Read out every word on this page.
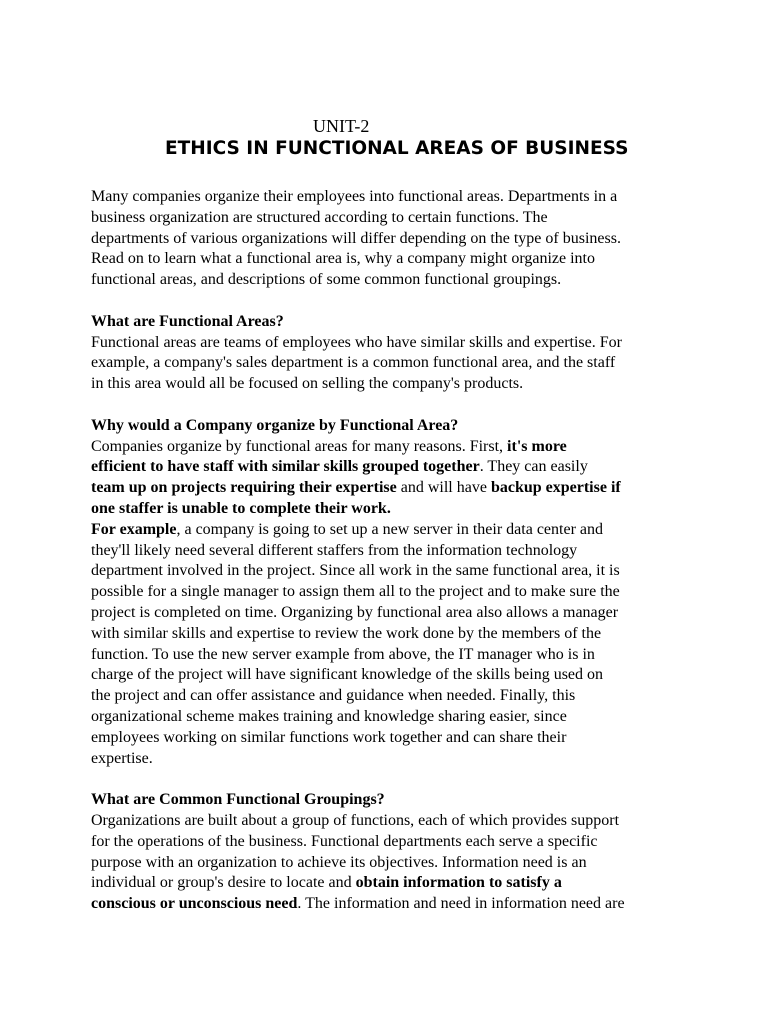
UNIT-2
ETHICS IN FUNCTIONAL AREAS OF BUSINESS
Many companies organize their employees into functional areas. Departments in a
business organization are structured according to certain functions. The
departments of various organizations will differ depending on the type of business.
Read on to learn what a functional area is, why a company might organize into
functional areas, and descriptions of some common functional groupings.
What are Functional Areas?
Functional areas are teams of employees who have similar skills and expertise. For
example, a company's sales department is a common functional area, and the staff
in this area would all be focused on selling the company's products.
Why would a Company organize by Functional Area?
Companies organize by functional areas for many reasons. First, it's more
efficient to have staff with similar skills grouped together. They can easily
team up on projects requiring their expertise and will have backup expertise if
one staffer is unable to complete their work.
For example, a company is going to set up a new server in their data center and
they'll likely need several different staffers from the information technology
department involved in the project. Since all work in the same functional area, it is
possible for a single manager to assign them all to the project and to make sure the
project is completed on time. Organizing by functional area also allows a manager
with similar skills and expertise to review the work done by the members of the
function. To use the new server example from above, the IT manager who is in
charge of the project will have significant knowledge of the skills being used on
the project and can offer assistance and guidance when needed. Finally, this
organizational scheme makes training and knowledge sharing easier, since
employees working on similar functions work together and can share their
expertise.
What are Common Functional Groupings?
Organizations are built about a group of functions, each of which provides support
for the operations of the business. Functional departments each serve a specific
purpose with an organization to achieve its objectives. Information need is an
individual or group's desire to locate and obtain information to satisfy a
conscious or unconscious need. The information and need in information need are
